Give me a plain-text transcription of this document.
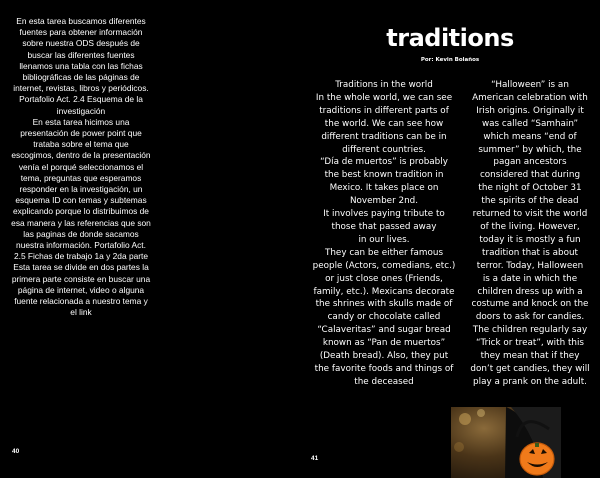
En esta tarea buscamos diferentes
fuentes para obtener información
sobre nuestra ODS después de
buscar las diferentes fuentes
llenamos una tabla con las fichas
bibliográficas de las páginas de
internet, revistas, libros y periódicos.
Portafolio Act. 2.4 Esquema de la
investigación
En esta tarea hicimos una
presentación de power point que
trataba sobre el tema que
escogimos, dentro de la presentación
venía el porqué seleccionamos el
tema, preguntas que esperamos
responder en la investigación, un
esquema ID con temas y subtemas
explicando porque lo distribuimos de
esa manera y las referencias que son
las paginas de donde sacamos
nuestra información. Portafolio Act.
2.5 Fichas de trabajo 1a y 2da parte
Esta tarea se divide en dos partes la
primera parte consiste en buscar una
página de internet, video o alguna
fuente relacionada a nuestro tema y
el link
40
traditions
Por: Kevin Bolaños
Traditions in the world
In the whole world, we can see
traditions in different parts of
the world. We can see how
different traditions can be in
different countries.
“Día de muertos” is probably
the best known tradition in
Mexico. It takes place on
November 2nd.
It involves paying tribute to
those that passed away
in our lives.
They can be either famous
people (Actors, comedians, etc.)
or just close ones (Friends,
family, etc.). Mexicans decorate
the shrines with skulls made of
candy or chocolate called
“Calaveritas” and sugar bread
known as “Pan de muertos”
(Death bread). Also, they put
the favorite foods and things of
the deceased
“Halloween” is an
American celebration with
Irish origins. Originally it
was called “Samhain”
which means “end of
summer” by which, the
pagan ancestors
considered that during
the night of October 31
the spirits of the dead
returned to visit the world
of the living. However,
today it is mostly a fun
tradition that is about
terror. Today, Halloween
is a date in which the
children dress up with a
costume and knock on the
doors to ask for candies.
The children regularly say
“Trick or treat”, with this
they mean that if they
don’t get candies, they will
play a prank on the adult.
41
